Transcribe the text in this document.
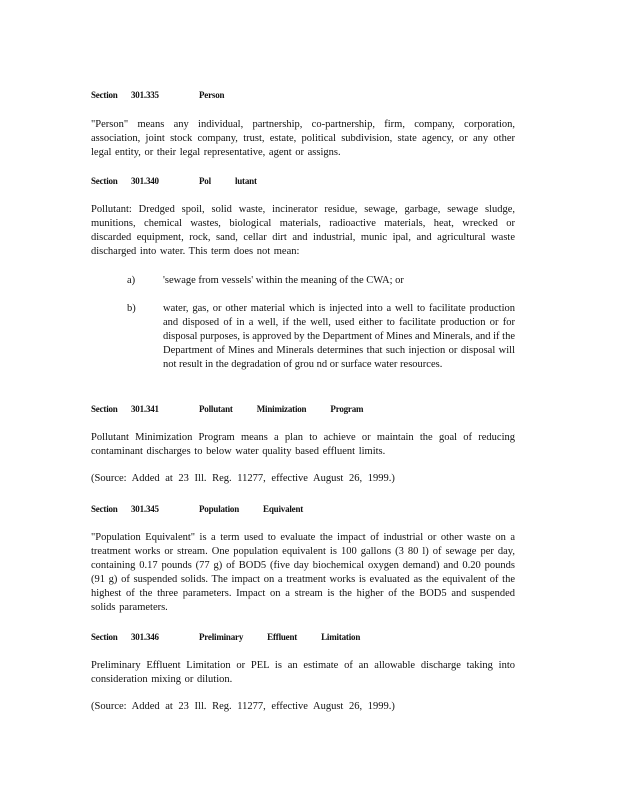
Section 301.335	Person
"Person" means any individual, partnership, co-partnership, firm, company, corporation, association, joint stock company, trust, estate, political subdivision, state agency, or any other legal entity, or their legal representative, agent or assigns.
Section 301.340	Pol lutant
Pollutant: Dredged spoil, solid waste, incinerator residue, sewage, garbage, sewage sludge, munitions, chemical wastes, biological materials, radioactive materials, heat, wrecked or discarded equipment, rock, sand, cellar dirt and industrial, munic ipal, and agricultural waste discharged into water. This term does not mean:
a)	'sewage from vessels' within the meaning of the CWA; or
b)	water, gas, or other material which is injected into a well to facilitate production and disposed of in a well, if the well, used either to facilitate production or for disposal purposes, is approved by the Department of Mines and Minerals, and if the Department of Mines and Minerals determines that such injection or disposal will not result in the degradation of grou nd or surface water resources.
Section 301.341	Pollutant Minimization Program
Pollutant Minimization Program means a plan to achieve or maintain the goal of reducing contaminant discharges to below water quality based effluent limits.
(Source: Added at 23 Ill. Reg. 11277, effective August 26, 1999.)
Section 301.345	Population Equivalent
"Population Equivalent" is a term used to evaluate the impact of industrial or other waste on a treatment works or stream. One population equivalent is 100 gallons (3 80 l) of sewage per day, containing 0.17 pounds (77 g) of BOD5 (five day biochemical oxygen demand) and 0.20 pounds (91 g) of suspended solids. The impact on a treatment works is evaluated as the equivalent of the highest of the three parameters. Impact on a stream is the higher of the BOD5 and suspended solids parameters.
Section 301.346	Preliminary Effluent Limitation
Preliminary Effluent Limitation or PEL is an estimate of an allowable discharge taking into consideration mixing or dilution.
(Source: Added at 23 Ill. Reg. 11277, effective August 26, 1999.)
